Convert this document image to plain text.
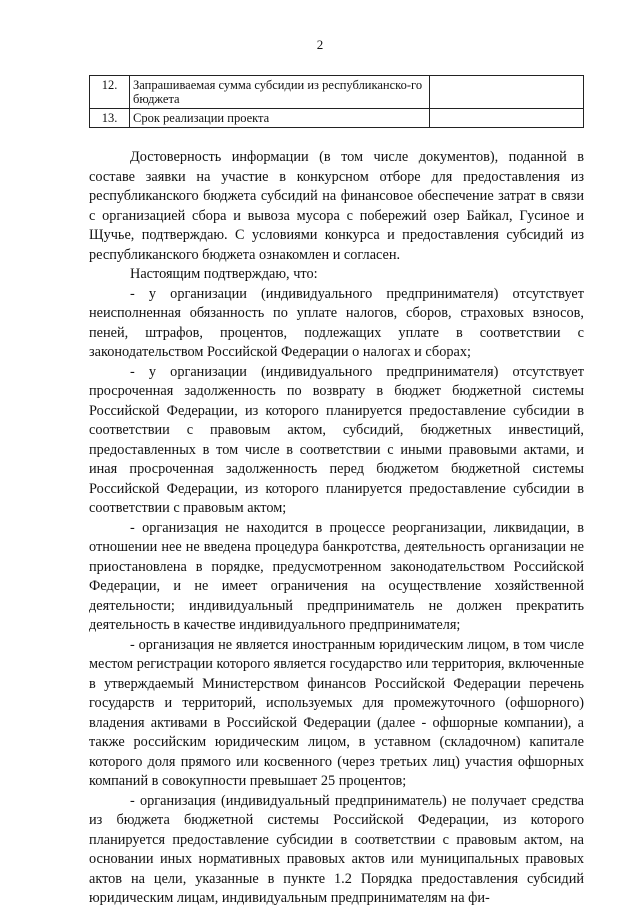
2
12.	Запрашиваемая сумма субсидии из республиканско-го бюджета	
13.	Срок реализации проекта	

Достоверность информации (в том числе документов), поданной в составе заявки на участие в конкурсном отборе для предоставления из республиканского бюджета субсидий на финансовое обеспечение затрат в связи с организацией сбора и вывоза мусора с побережий озер Байкал, Гусиное и Щучье, подтверждаю. С условиями конкурса и предоставления субсидий из республиканского бюджета ознакомлен и согласен.

Настоящим подтверждаю, что:

- у организации (индивидуального предпринимателя) отсутствует неисполненная обязанность по уплате налогов, сборов, страховых взносов, пеней, штрафов, процентов, подлежащих уплате в соответствии с законодательством Российской Федерации о налогах и сборах;

- у организации (индивидуального предпринимателя) отсутствует просроченная задолженность по возврату в бюджет бюджетной системы Российской Федерации, из которого планируется предоставление субсидии в соответствии с правовым актом, субсидий, бюджетных инвестиций, предоставленных в том числе в соответствии с иными правовыми актами, и иная просроченная задолженность перед бюджетом бюджетной системы Российской Федерации, из которого планируется предоставление субсидии в соответствии с правовым актом;

- организация не находится в процессе реорганизации, ликвидации, в отношении нее не введена процедура банкротства, деятельность организации не приостановлена в порядке, предусмотренном законодательством Российской Федерации, и не имеет ограничения на осуществление хозяйственной деятельности; индивидуальный предприниматель не должен прекратить деятельность в качестве индивидуального предпринимателя;

- организация не является иностранным юридическим лицом, в том числе местом регистрации которого является государство или территория, включенные в утверждаемый Министерством финансов Российской Федерации перечень государств и территорий, используемых для промежуточного (офшорного) владения активами в Российской Федерации (далее - офшорные компании), а также российским юридическим лицом, в уставном (складочном) капитале которого доля прямого или косвенного (через третьих лиц) участия офшорных компаний в совокупности превышает 25 процентов;

- организация (индивидуальный предприниматель) не получает средства из бюджета бюджетной системы Российской Федерации, из которого планируется предоставление субсидии в соответствии с правовым актом, на основании иных нормативных правовых актов или муниципальных правовых актов на цели, указанные в пункте 1.2 Порядка предоставления субсидий юридическим лицам, индивидуальным предпринимателям на фи-
